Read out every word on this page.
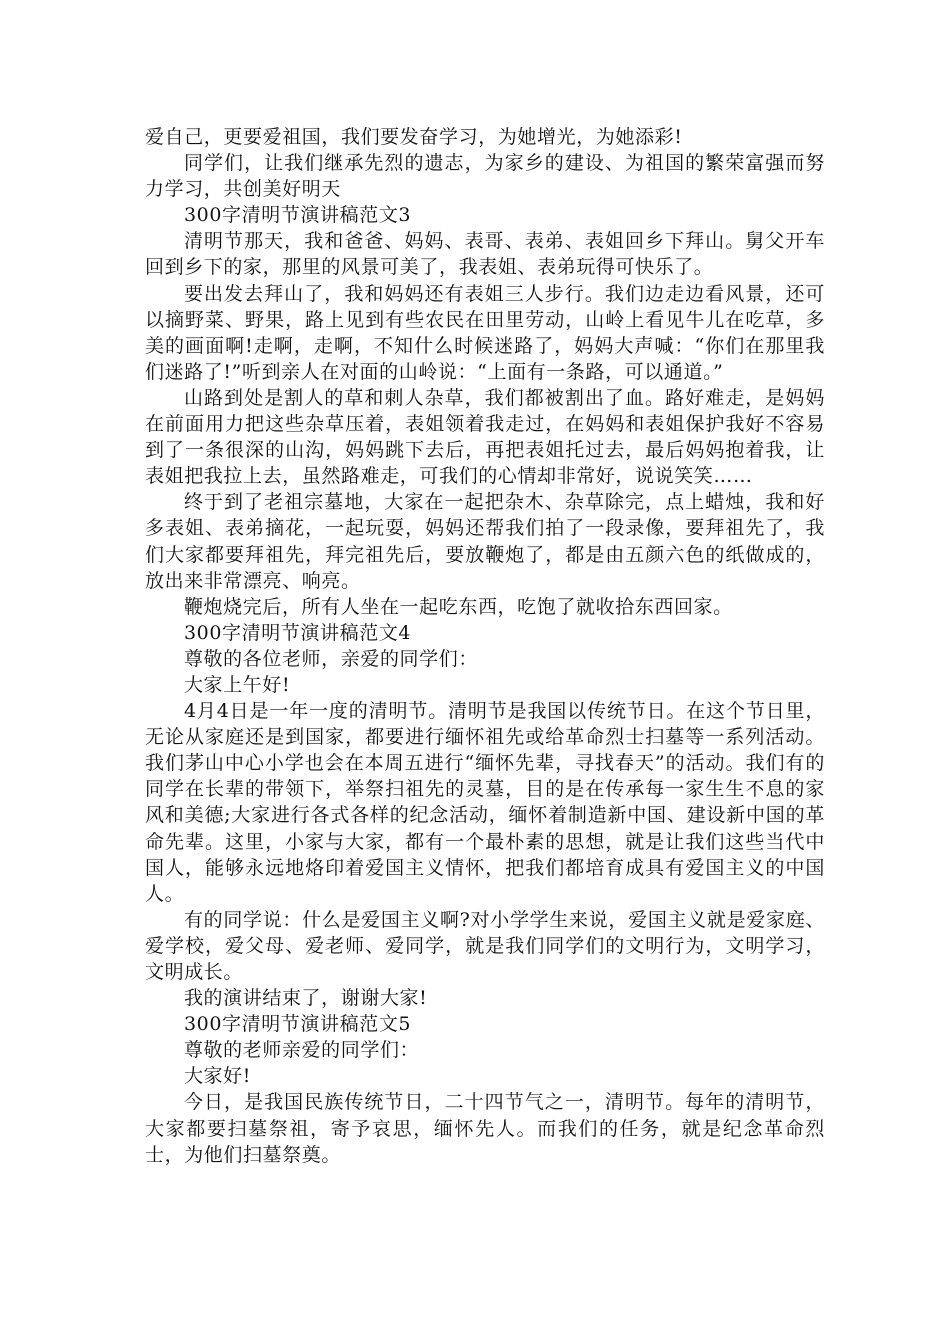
爱自己，更要爱祖国，我们要发奋学习，为她增光，为她添彩!

同学们，让我们继承先烈的遗志，为家乡的建设、为祖国的繁荣富强而努力学习，共创美好明天

300字清明节演讲稿范文3

清明节那天，我和爸爸、妈妈、表哥、表弟、表姐回乡下拜山。舅父开车回到乡下的家，那里的风景可美了，我表姐、表弟玩得可快乐了。

要出发去拜山了，我和妈妈还有表姐三人步行。我们边走边看风景，还可以摘野菜、野果，路上见到有些农民在田里劳动，山岭上看见牛儿在吃草，多美的画面啊!走啊，走啊，不知什么时候迷路了，妈妈大声喊：“你们在那里我们迷路了!”听到亲人在对面的山岭说：“上面有一条路，可以通道。”

山路到处是割人的草和刺人杂草，我们都被割出了血。路好难走，是妈妈在前面用力把这些杂草压着，表姐领着我走过，在妈妈和表姐保护我好不容易到了一条很深的山沟，妈妈跳下去后，再把表姐托过去，最后妈妈抱着我，让表姐把我拉上去，虽然路难走，可我们的心情却非常好，说说笑笑……

终于到了老祖宗墓地，大家在一起把杂木、杂草除完，点上蜡烛，我和好多表姐、表弟摘花，一起玩耍，妈妈还帮我们拍了一段录像，要拜祖先了，我们大家都要拜祖先，拜完祖先后，要放鞭炮了，都是由五颜六色的纸做成的，放出来非常漂亮、响亮。

鞭炮烧完后，所有人坐在一起吃东西，吃饱了就收拾东西回家。

300字清明节演讲稿范文4

尊敬的各位老师，亲爱的同学们：

大家上午好!

4月4日是一年一度的清明节。清明节是我国以传统节日。在这个节日里，无论从家庭还是到国家，都要进行缅怀祖先或给革命烈士扫墓等一系列活动。我们茅山中心小学也会在本周五进行“缅怀先辈，寻找春天”的活动。我们有的同学在长辈的带领下，举祭扫祖先的灵墓，目的是在传承每一家生生不息的家风和美德;大家进行各式各样的纪念活动，缅怀着制造新中国、建设新中国的革命先辈。这里，小家与大家，都有一个最朴素的思想，就是让我们这些当代中国人，能够永远地烙印着爱国主义情怀，把我们都培育成具有爱国主义的中国人。

有的同学说：什么是爱国主义啊?对小学学生来说，爱国主义就是爱家庭、爱学校，爱父母、爱老师、爱同学，就是我们同学们的文明行为，文明学习，文明成长。

我的演讲结束了，谢谢大家!

300字清明节演讲稿范文5

尊敬的老师亲爱的同学们：

大家好!

今日，是我国民族传统节日，二十四节气之一，清明节。每年的清明节，大家都要扫墓祭祖，寄予哀思，缅怀先人。而我们的任务，就是纪念革命烈士，为他们扫墓祭奠。
